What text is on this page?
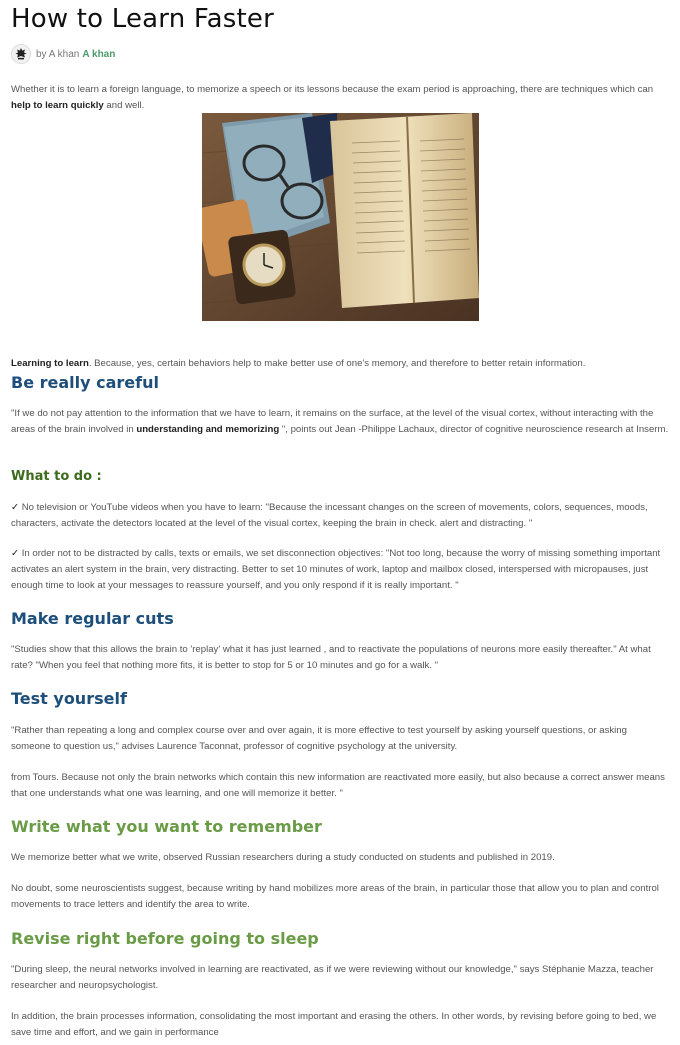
How to Learn Faster
by A khan A khan

Whether it is to learn a foreign language, to memorize a speech or its lessons because the exam period is approaching, there are techniques which can help to learn quickly and well.

Learning to learn. Because, yes, certain behaviors help to make better use of one's memory, and therefore to better retain information.

Be really careful

"If we do not pay attention to the information that we have to learn, it remains on the surface, at the level of the visual cortex, without interacting with the areas of the brain involved in understanding and memorizing ", points out Jean -Philippe Lachaux, director of cognitive neuroscience research at Inserm.

What to do :

✓ No television or YouTube videos when you have to learn: "Because the incessant changes on the screen of movements, colors, sequences, moods, characters, activate the detectors located at the level of the visual cortex, keeping the brain in check. alert and distracting. "

✓ In order not to be distracted by calls, texts or emails, we set disconnection objectives: "Not too long, because the worry of missing something important activates an alert system in the brain, very distracting. Better to set 10 minutes of work, laptop and mailbox closed, interspersed with micropauses, just enough time to look at your messages to reassure yourself, and you only respond if it is really important. "

Make regular cuts

"Studies show that this allows the brain to 'replay' what it has just learned , and to reactivate the populations of neurons more easily thereafter." At what rate? "When you feel that nothing more fits, it is better to stop for 5 or 10 minutes and go for a walk. "

Test yourself

"Rather than repeating a long and complex course over and over again, it is more effective to test yourself by asking yourself questions, or asking someone to question us," advises Laurence Taconnat, professor of cognitive psychology at the university.

from Tours. Because not only the brain networks which contain this new information are reactivated more easily, but also because a correct answer means that one understands what one was learning, and one will memorize it better. "

Write what you want to remember

We memorize better what we write, observed Russian researchers during a study conducted on students and published in 2019.

No doubt, some neuroscientists suggest, because writing by hand mobilizes more areas of the brain, in particular those that allow you to plan and control movements to trace letters and identify the area to write.

Revise right before going to sleep

"During sleep, the neural networks involved in learning are reactivated, as if we were reviewing without our knowledge," says Stéphanie Mazza, teacher researcher and neuropsychologist.

In addition, the brain processes information, consolidating the most important and erasing the others. In other words, by revising before going to bed, we save time and effort, and we gain in performance
